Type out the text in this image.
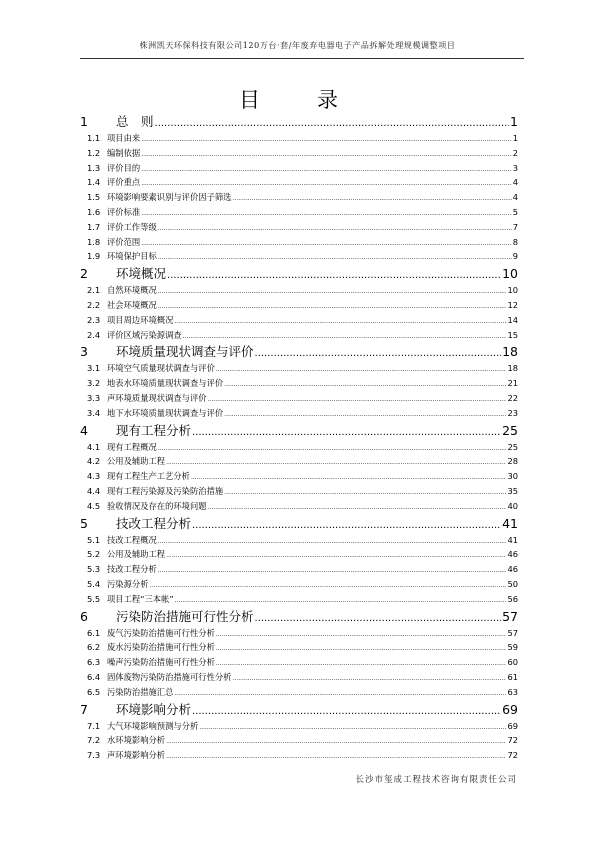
株洲凯天环保科技有限公司120万台·套/年废弃电器电子产品拆解处理规模调整项目
目　录
1	总　则 .....	1
1.1 项目由来 .....	1
1.2 编制依据 .....	2
1.3 评价目的 .....	3
1.4 评价重点 .....	4
1.5 环境影响要素识别与评价因子筛选 .....	4
1.6 评价标准 .....	5
1.7 评价工作等级 .....	7
1.8 评价范围 .....	8
1.9 环境保护目标 .....	9
2	环境概况 .....	10
2.1 自然环境概况 .....	10
2.2 社会环境概况 .....	12
2.3 项目周边环境概况 .....	14
2.4 评价区域污染源调查 .....	15
3	环境质量现状调查与评价 .....	18
3.1 环境空气质量现状调查与评价 .....	18
3.2 地表水环境质量现状调查与评价 .....	21
3.3 声环境质量现状调查与评价 .....	22
3.4 地下水环境质量现状调查与评价 .....	23
4	现有工程分析 .....	25
4.1 现有工程概况 .....	25
4.2 公用及辅助工程 .....	28
4.3 现有工程生产工艺分析 .....	30
4.4 现有工程污染源及污染防治措施 .....	35
4.5 验收情况及存在的环境问题 .....	40
5	技改工程分析 .....	41
5.1 技改工程概况 .....	41
5.2 公用及辅助工程 .....	46
5.3 技改工程分析 .....	46
5.4 污染源分析 .....	50
5.5 项目工程“三本帐” .....	56
6	污染防治措施可行性分析 .....	57
6.1 废气污染防治措施可行性分析 .....	57
6.2 废水污染防治措施可行性分析 .....	59
6.3 噪声污染防治措施可行性分析 .....	60
6.4 固体废物污染防治措施可行性分析 .....	61
6.5 污染防治措施汇总 .....	63
7	环境影响分析 .....	69
7.1 大气环境影响预测与分析 .....	69
7.2 水环境影响分析 .....	72
7.3 声环境影响分析 .....	72
长沙市玺成工程技术咨询有限责任公司
